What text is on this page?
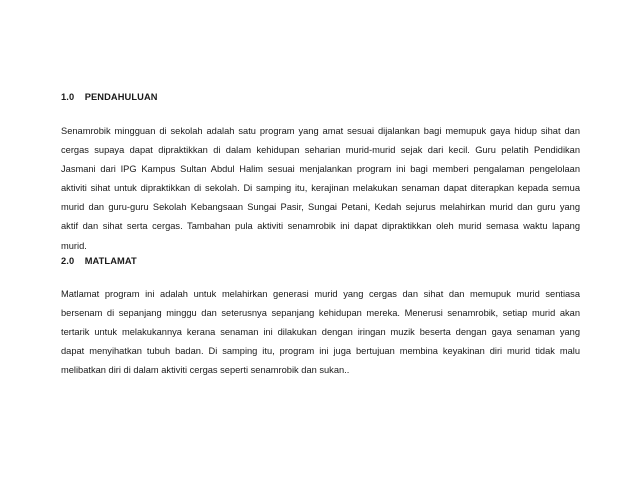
1.0 PENDAHULUAN
Senamrobik mingguan di sekolah adalah satu program yang amat sesuai dijalankan bagi memupuk gaya hidup sihat dan
cergas supaya dapat dipraktikkan di dalam kehidupan seharian murid-murid sejak dari kecil. Guru pelatih Pendidikan
Jasmani dari IPG Kampus Sultan Abdul Halim sesuai menjalankan program ini bagi memberi pengalaman pengelolaan
aktiviti sihat untuk dipraktikkan di sekolah. Di samping itu, kerajinan melakukan senaman dapat diterapkan kepada semua
murid dan guru-guru Sekolah Kebangsaan Sungai Pasir, Sungai Petani, Kedah sejurus melahirkan murid dan guru yang
aktif dan sihat serta cergas. Tambahan pula aktiviti senamrobik ini dapat dipraktikkan oleh murid semasa waktu lapang
murid.
2.0 MATLAMAT
Matlamat program ini adalah untuk melahirkan generasi murid yang cergas dan sihat dan memupuk murid sentiasa
bersenam di sepanjang minggu dan seterusnya sepanjang kehidupan mereka. Menerusi senamrobik, setiap murid akan
tertarik untuk melakukannya kerana senaman ini dilakukan dengan iringan muzik beserta dengan gaya senaman yang
dapat menyihatkan tubuh badan. Di samping itu, program ini juga bertujuan membina keyakinan diri murid tidak malu
melibatkan diri di dalam aktiviti cergas seperti senamrobik dan sukan..
